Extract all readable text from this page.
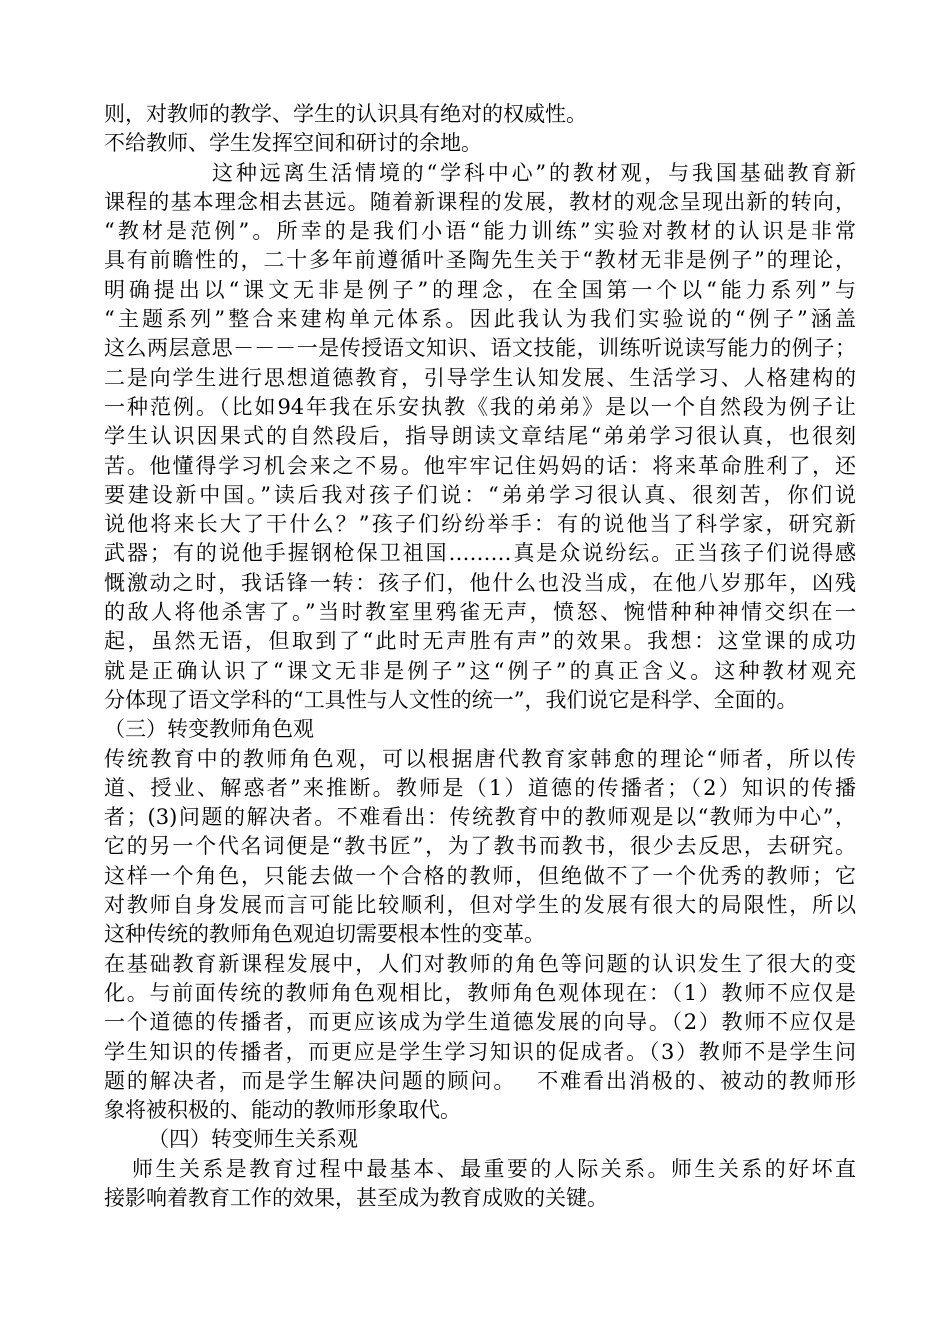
则，对教师的教学、学生的认识具有绝对的权威性。
不给教师、学生发挥空间和研讨的余地。
这种远离生活情境的“学科中心”的教材观，与我国基础教育新
课程的基本理念相去甚远。随着新课程的发展，教材的观念呈现出新的转向，
“教材是范例”。所幸的是我们小语“能力训练”实验对教材的认识是非常
具有前瞻性的，二十多年前遵循叶圣陶先生关于“教材无非是例子”的理论，
明确提出以“课文无非是例子”的理念，在全国第一个以“能力系列”与
“主题系列”整合来建构单元体系。因此我认为我们实验说的“例子”涵盖
这么两层意思－－－一是传授语文知识、语文技能，训练听说读写能力的例子；
二是向学生进行思想道德教育，引导学生认知发展、生活学习、人格建构的
一种范例。（比如94年我在乐安执教《我的弟弟》是以一个自然段为例子让
学生认识因果式的自然段后，指导朗读文章结尾“弟弟学习很认真，也很刻
苦。他懂得学习机会来之不易。他牢牢记住妈妈的话：将来革命胜利了，还
要建设新中国。”读后我对孩子们说：“弟弟学习很认真、很刻苦，你们说
说他将来长大了干什么？”孩子们纷纷举手：有的说他当了科学家，研究新
武器；有的说他手握钢枪保卫祖国………真是众说纷纭。正当孩子们说得感
慨激动之时，我话锋一转：孩子们，他什么也没当成，在他八岁那年，凶残
的敌人将他杀害了。”当时教室里鸦雀无声，愤怒、惋惜种种神情交织在一
起，虽然无语，但取到了“此时无声胜有声”的效果。我想：这堂课的成功
就是正确认识了“课文无非是例子”这“例子”的真正含义。这种教材观充
分体现了语文学科的“工具性与人文性的统一”，我们说它是科学、全面的。
（三）转变教师角色观
传统教育中的教师角色观，可以根据唐代教育家韩愈的理论“师者，所以传
道、授业、解惑者”来推断。教师是（1）道德的传播者；（2）知识的传播
者；(3)问题的解决者。不难看出：传统教育中的教师观是以“教师为中心”，
它的另一个代名词便是“教书匠”，为了教书而教书，很少去反思，去研究。
这样一个角色，只能去做一个合格的教师，但绝做不了一个优秀的教师；它
对教师自身发展而言可能比较顺利，但对学生的发展有很大的局限性，所以
这种传统的教师角色观迫切需要根本性的变革。
在基础教育新课程发展中，人们对教师的角色等问题的认识发生了很大的变
化。与前面传统的教师角色观相比，教师角色观体现在：（1）教师不应仅是
一个道德的传播者，而更应该成为学生道德发展的向导。（2）教师不应仅是
学生知识的传播者，而更应是学生学习知识的促成者。（3）教师不是学生问
题的解决者，而是学生解决问题的顾问。　 不难看出消极的、被动的教师形
象将被积极的、能动的教师形象取代。
（四）转变师生关系观
师生关系是教育过程中最基本、最重要的人际关系。师生关系的好坏直
接影响着教育工作的效果，甚至成为教育成败的关键。
